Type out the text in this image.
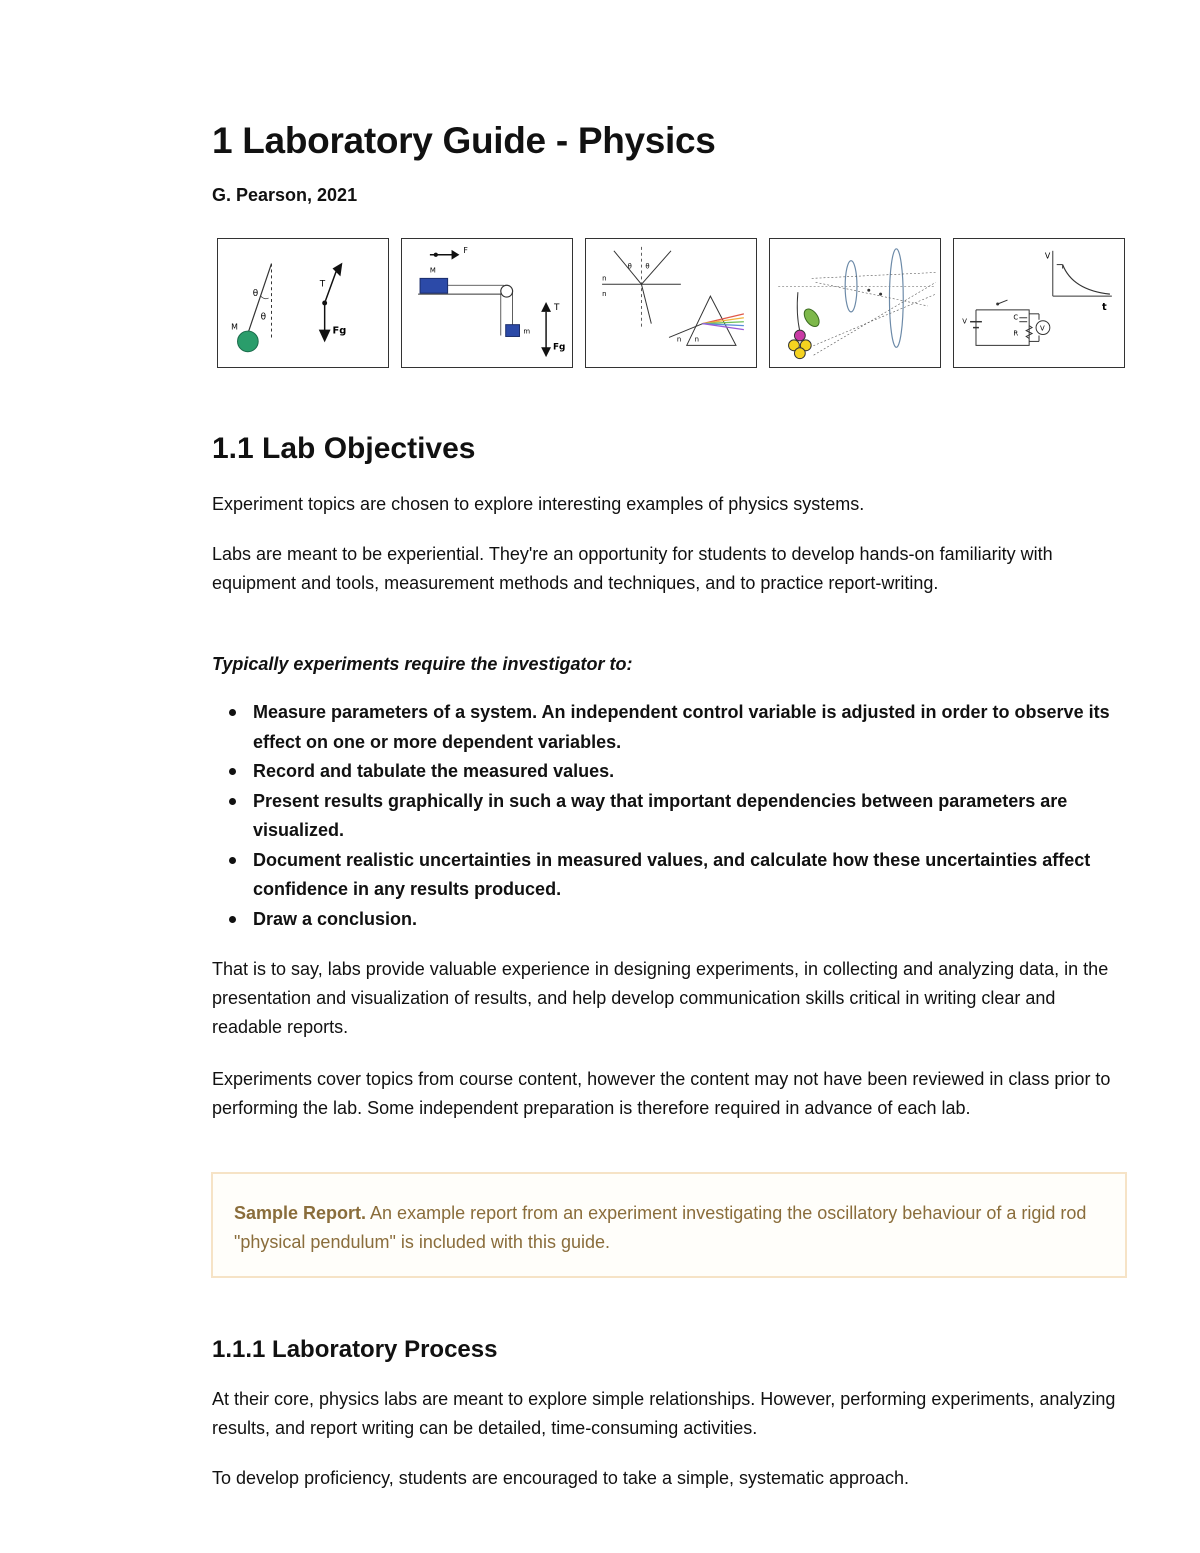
1 Laboratory Guide - Physics
G. Pearson, 2021
θ
θ
M
T
Fg
F
M
m
T
Fg
θ θ
n
n
n n
V
t
V	C
R
V
1.1 Lab Objectives

Experiment topics are chosen to explore interesting examples of physics systems.

Labs are meant to be experiential. They're an opportunity for students to develop hands-on familiarity with equipment and tools, measurement methods and techniques, and to practice report-writing.

Typically experiments require the investigator to:

Measure parameters of a system. An independent control variable is adjusted in order to observe its effect on one or more dependent variables.
Record and tabulate the measured values.
Present results graphically in such a way that important dependencies between parameters are visualized.
Document realistic uncertainties in measured values, and calculate how these uncertainties affect confidence in any results produced.
Draw a conclusion.

That is to say, labs provide valuable experience in designing experiments, in collecting and analyzing data, in the presentation and visualization of results, and help develop communication skills critical in writing clear and readable reports.

Experiments cover topics from course content, however the content may not have been reviewed in class prior to performing the lab. Some independent preparation is therefore required in advance of each lab.

Sample Report. An example report from an experiment investigating the oscillatory behaviour of a rigid rod "physical pendulum" is included with this guide.
1.1.1 Laboratory Process

At their core, physics labs are meant to explore simple relationships. However, performing experiments, analyzing results, and report writing can be detailed, time-consuming activities.

To develop proficiency, students are encouraged to take a simple, systematic approach.
